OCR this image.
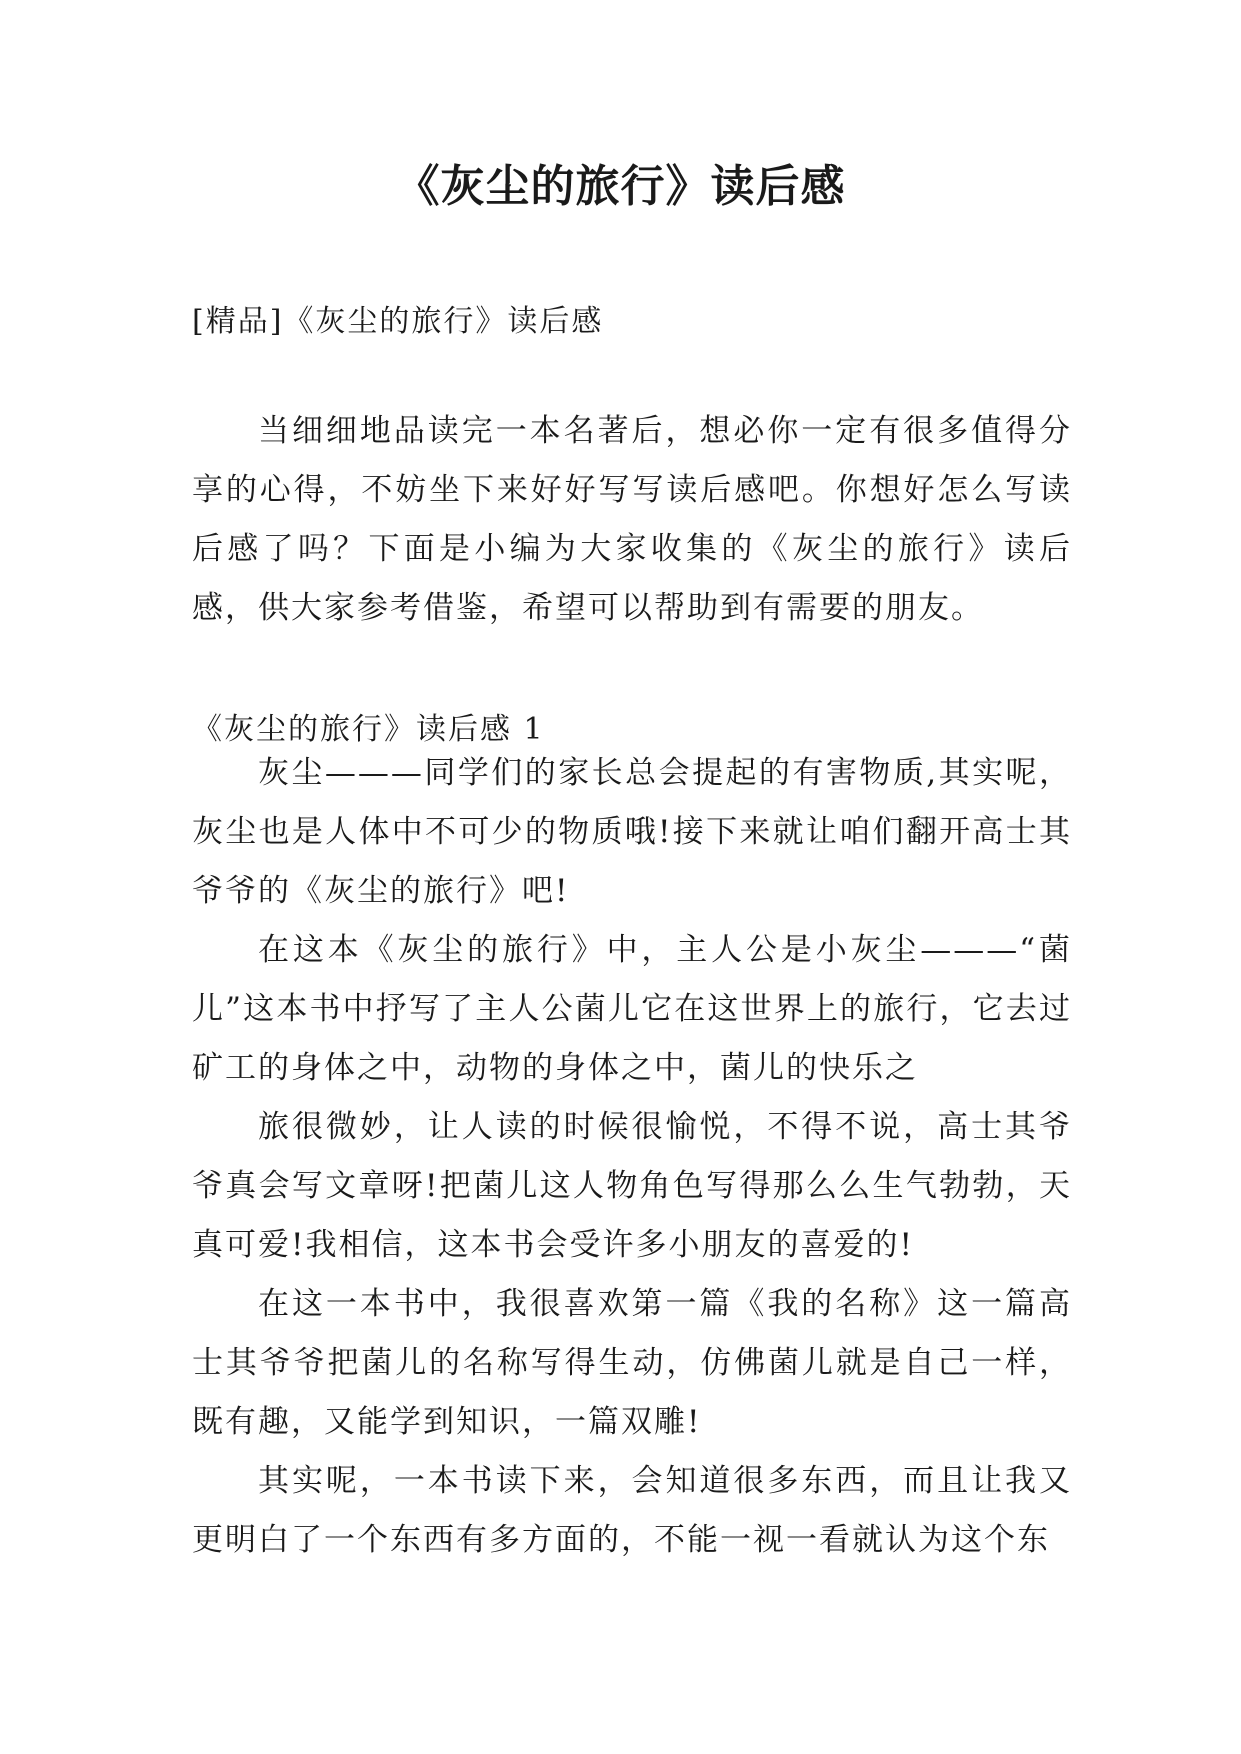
《灰尘的旅行》读后感
[精品]《灰尘的旅行》读后感

当细细地品读完一本名著后，想必你一定有很多值得分享的心得，不妨坐下来好好写写读后感吧。你想好怎么写读后感了吗？下面是小编为大家收集的《灰尘的旅行》读后感，供大家参考借鉴，希望可以帮助到有需要的朋友。

《灰尘的旅行》读后感 1

灰尘———同学们的家长总会提起的有害物质,其实呢，灰尘也是人体中不可少的物质哦!接下来就让咱们翻开高士其爷爷的《灰尘的旅行》吧!

在这本《灰尘的旅行》中，主人公是小灰尘———“菌儿”这本书中抒写了主人公菌儿它在这世界上的旅行，它去过矿工的身体之中，动物的身体之中，菌儿的快乐之

旅很微妙，让人读的时候很愉悦，不得不说，高士其爷爷真会写文章呀!把菌儿这人物角色写得那么么生气勃勃，天真可爱!我相信，这本书会受许多小朋友的喜爱的!

在这一本书中，我很喜欢第一篇《我的名称》这一篇高士其爷爷把菌儿的名称写得生动，仿佛菌儿就是自己一样，既有趣，又能学到知识，一篇双雕!

其实呢，一本书读下来，会知道很多东西，而且让我又更明白了一个东西有多方面的，不能一视一看就认为这个东
